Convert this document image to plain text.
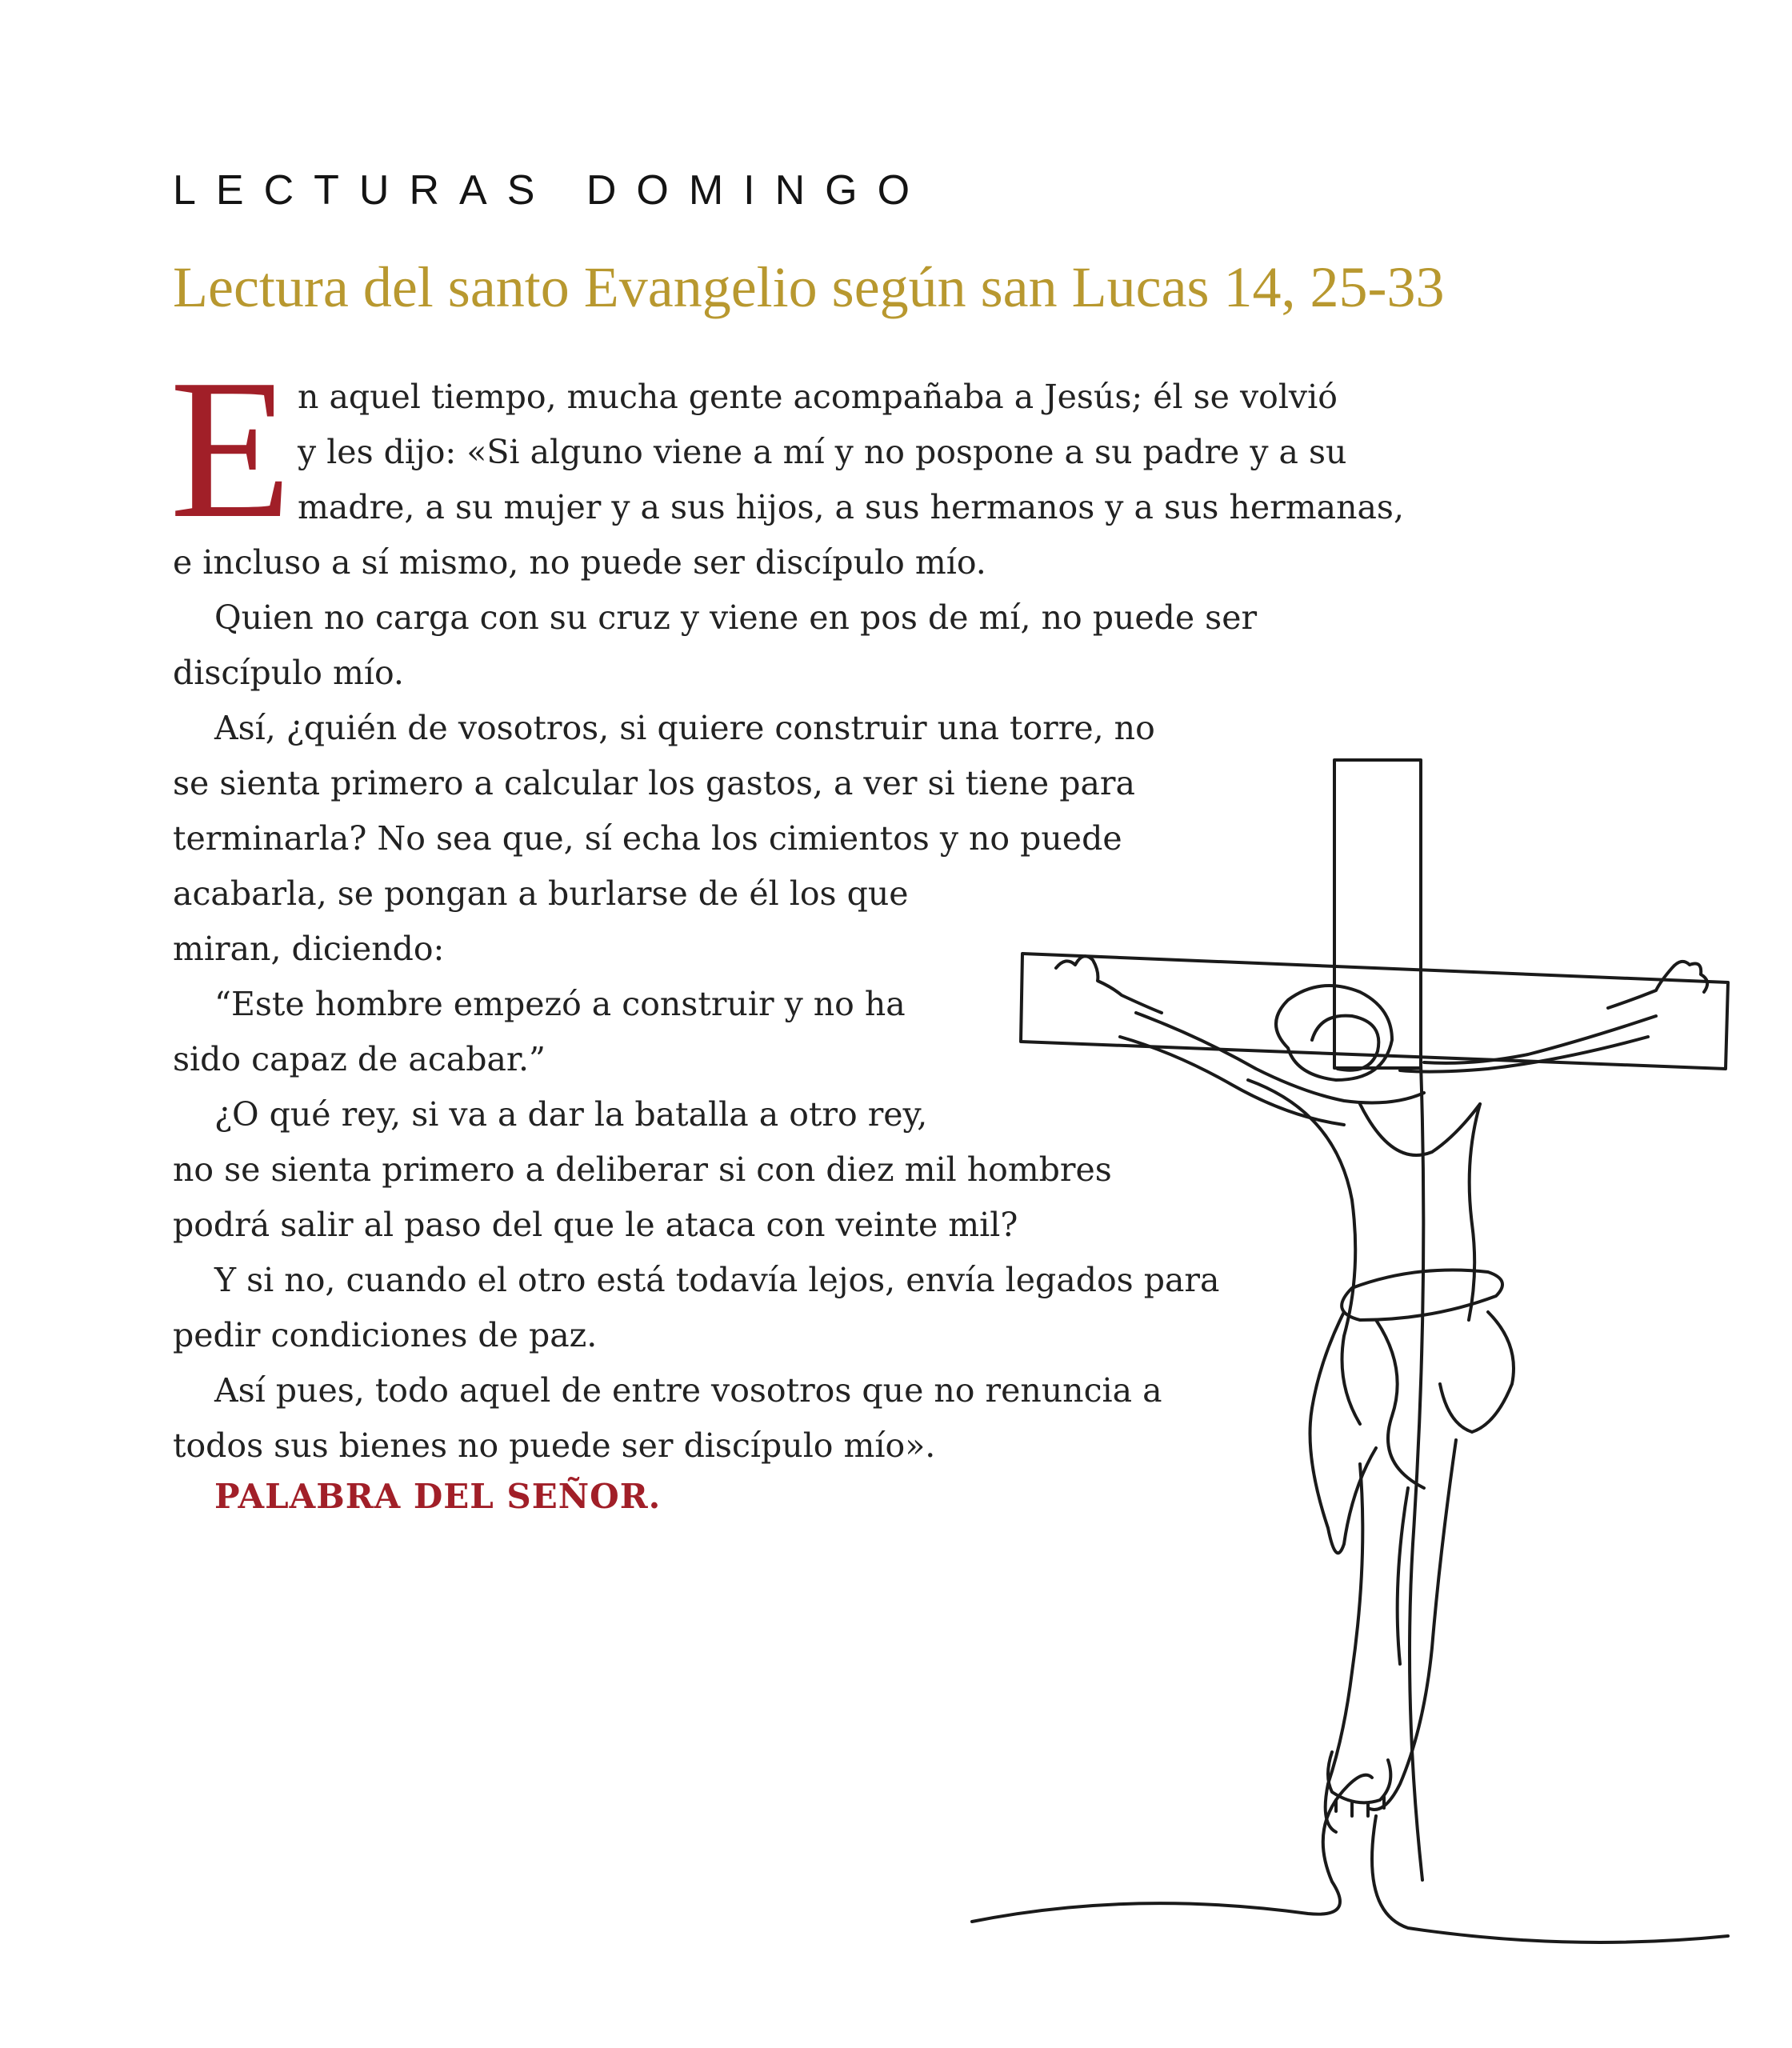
LECTURAS DOMINGO
Lectura del santo Evangelio según san Lucas 14, 25-33
E n aquel tiempo, mucha gente acompañaba a Jesús; él se volvió
y les dijo: «Si alguno viene a mí y no pospone a su padre y a su
madre, a su mujer y a sus hijos, a sus hermanos y a sus hermanas,
e incluso a sí mismo, no puede ser discípulo mío.
Quien no carga con su cruz y viene en pos de mí, no puede ser
discípulo mío.
Así, ¿quién de vosotros, si quiere construir una torre, no
se sienta primero a calcular los gastos, a ver si tiene para
terminarla? No sea que, sí echa los cimientos y no puede
acabarla, se pongan a burlarse de él los que
miran, diciendo:
“Este hombre empezó a construir y no ha
sido capaz de acabar.”
¿O qué rey, si va a dar la batalla a otro rey,
no se sienta primero a deliberar si con diez mil hombres
podrá salir al paso del que le ataca con veinte mil?
Y si no, cuando el otro está todavía lejos, envía legados para
pedir condiciones de paz.
Así pues, todo aquel de entre vosotros que no renuncia a
todos sus bienes no puede ser discípulo mío».
PALABRA DEL SEÑOR.
